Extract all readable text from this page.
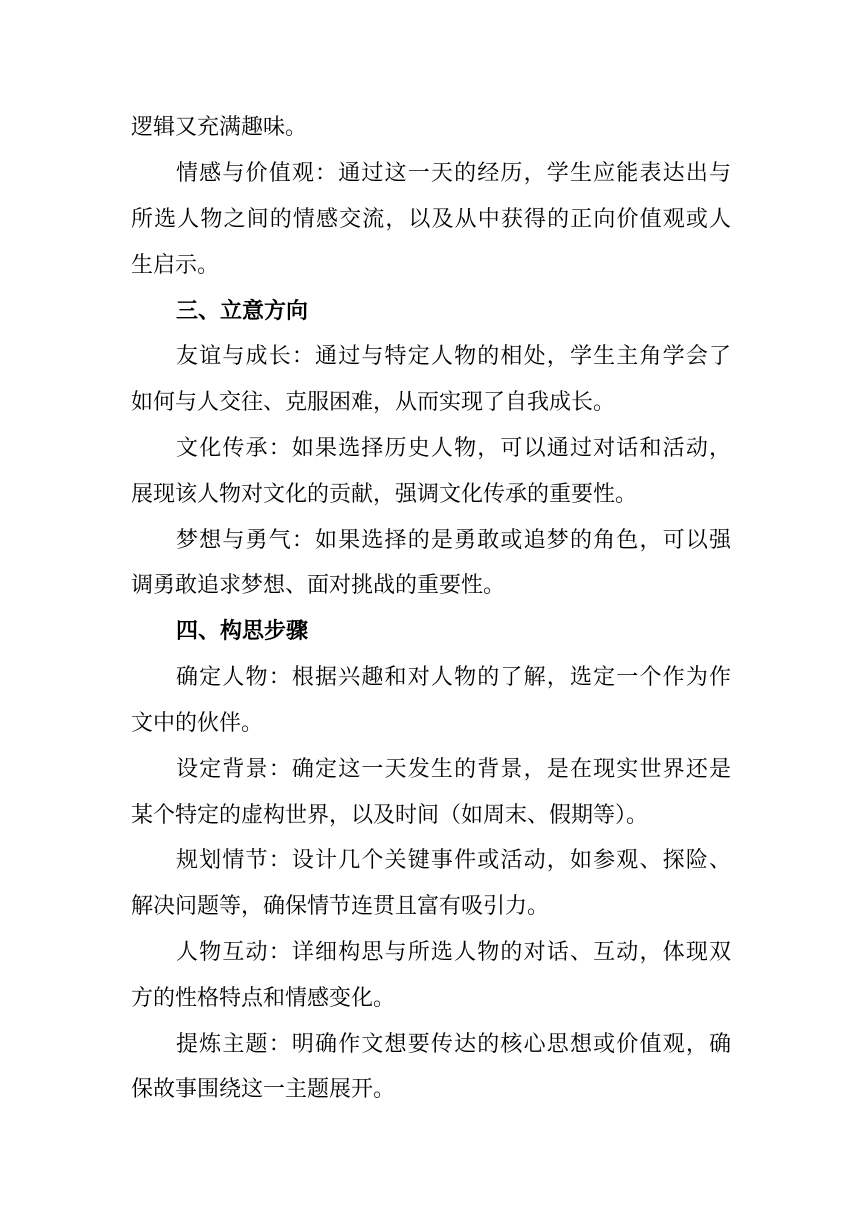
逻辑又充满趣味。
情感与价值观：通过这一天的经历，学生应能表达出与
所选人物之间的情感交流，以及从中获得的正向价值观或人
生启示。
三、立意方向
友谊与成长：通过与特定人物的相处，学生主角学会了
如何与人交往、克服困难，从而实现了自我成长。
文化传承：如果选择历史人物，可以通过对话和活动，
展现该人物对文化的贡献，强调文化传承的重要性。
梦想与勇气：如果选择的是勇敢或追梦的角色，可以强
调勇敢追求梦想、面对挑战的重要性。
四、构思步骤
确定人物：根据兴趣和对人物的了解，选定一个作为作
文中的伙伴。
设定背景：确定这一天发生的背景，是在现实世界还是
某个特定的虚构世界，以及时间（如周末、假期等）。
规划情节：设计几个关键事件或活动，如参观、探险、
解决问题等，确保情节连贯且富有吸引力。
人物互动：详细构思与所选人物的对话、互动，体现双
方的性格特点和情感变化。
提炼主题：明确作文想要传达的核心思想或价值观，确
保故事围绕这一主题展开。
